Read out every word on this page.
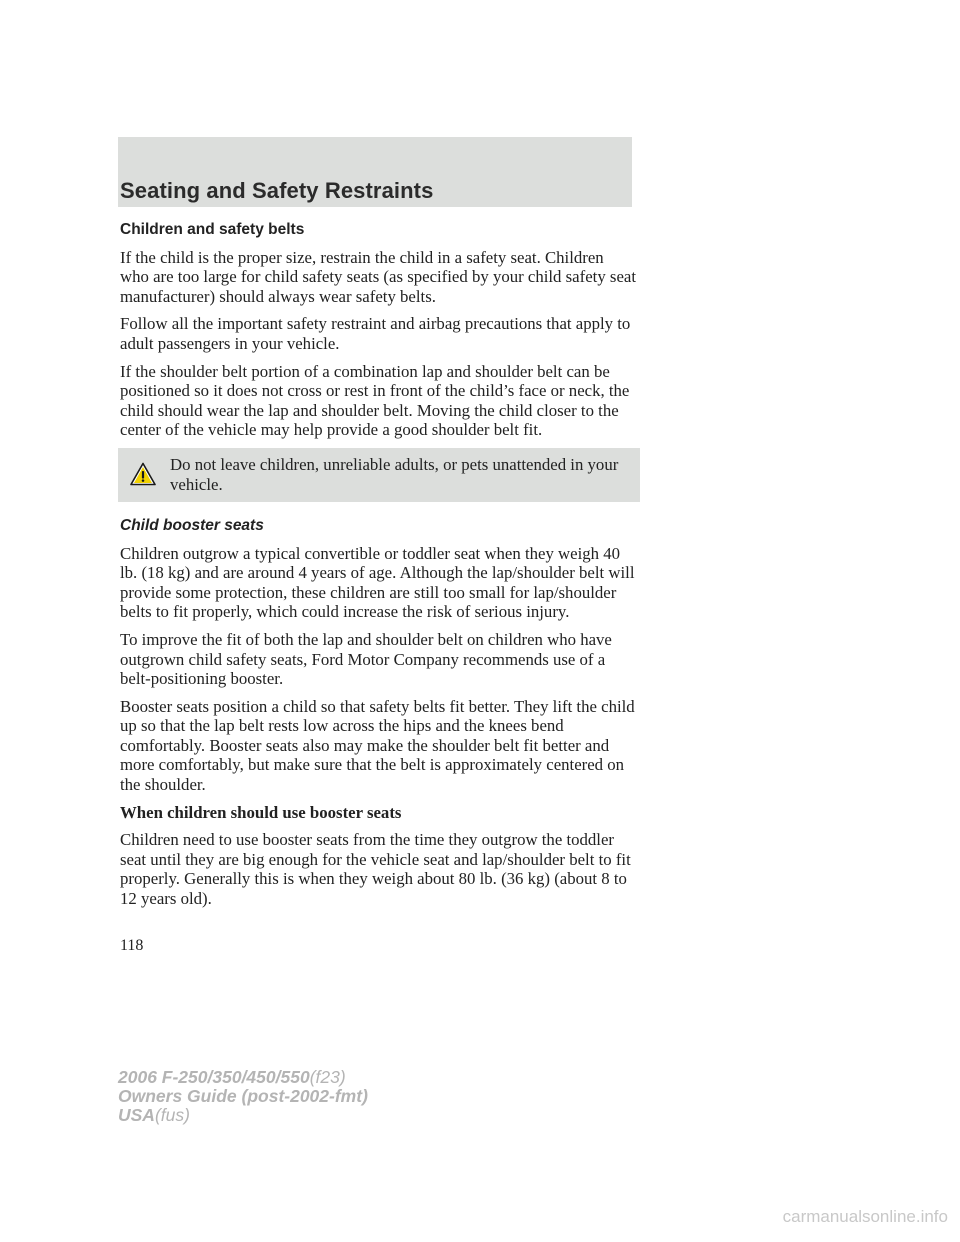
Seating and Safety Restraints
Children and safety belts

If the child is the proper size, restrain the child in a safety seat. Children who are too large for child safety seats (as specified by your child safety seat manufacturer) should always wear safety belts.

Follow all the important safety restraint and airbag precautions that apply to adult passengers in your vehicle.

If the shoulder belt portion of a combination lap and shoulder belt can be positioned so it does not cross or rest in front of the child’s face or neck, the child should wear the lap and shoulder belt. Moving the child closer to the center of the vehicle may help provide a good shoulder belt fit.

Do not leave children, unreliable adults, or pets unattended in your vehicle.
Child booster seats

Children outgrow a typical convertible or toddler seat when they weigh 40 lb. (18 kg) and are around 4 years of age. Although the lap/shoulder belt will provide some protection, these children are still too small for lap/shoulder belts to fit properly, which could increase the risk of serious injury.

To improve the fit of both the lap and shoulder belt on children who have outgrown child safety seats, Ford Motor Company recommends use of a belt-positioning booster.

Booster seats position a child so that safety belts fit better. They lift the child up so that the lap belt rests low across the hips and the knees bend comfortably. Booster seats also may make the shoulder belt fit better and more comfortably, but make sure that the belt is approximately centered on the shoulder.

When children should use booster seats

Children need to use booster seats from the time they outgrow the toddler seat until they are big enough for the vehicle seat and lap/shoulder belt to fit properly. Generally this is when they weigh about 80 lb. (36 kg) (about 8 to 12 years old).

118
2006 F-250/350/450/550(f23)
Owners Guide (post-2002-fmt)
USA(fus)
carmanualsonline.info
